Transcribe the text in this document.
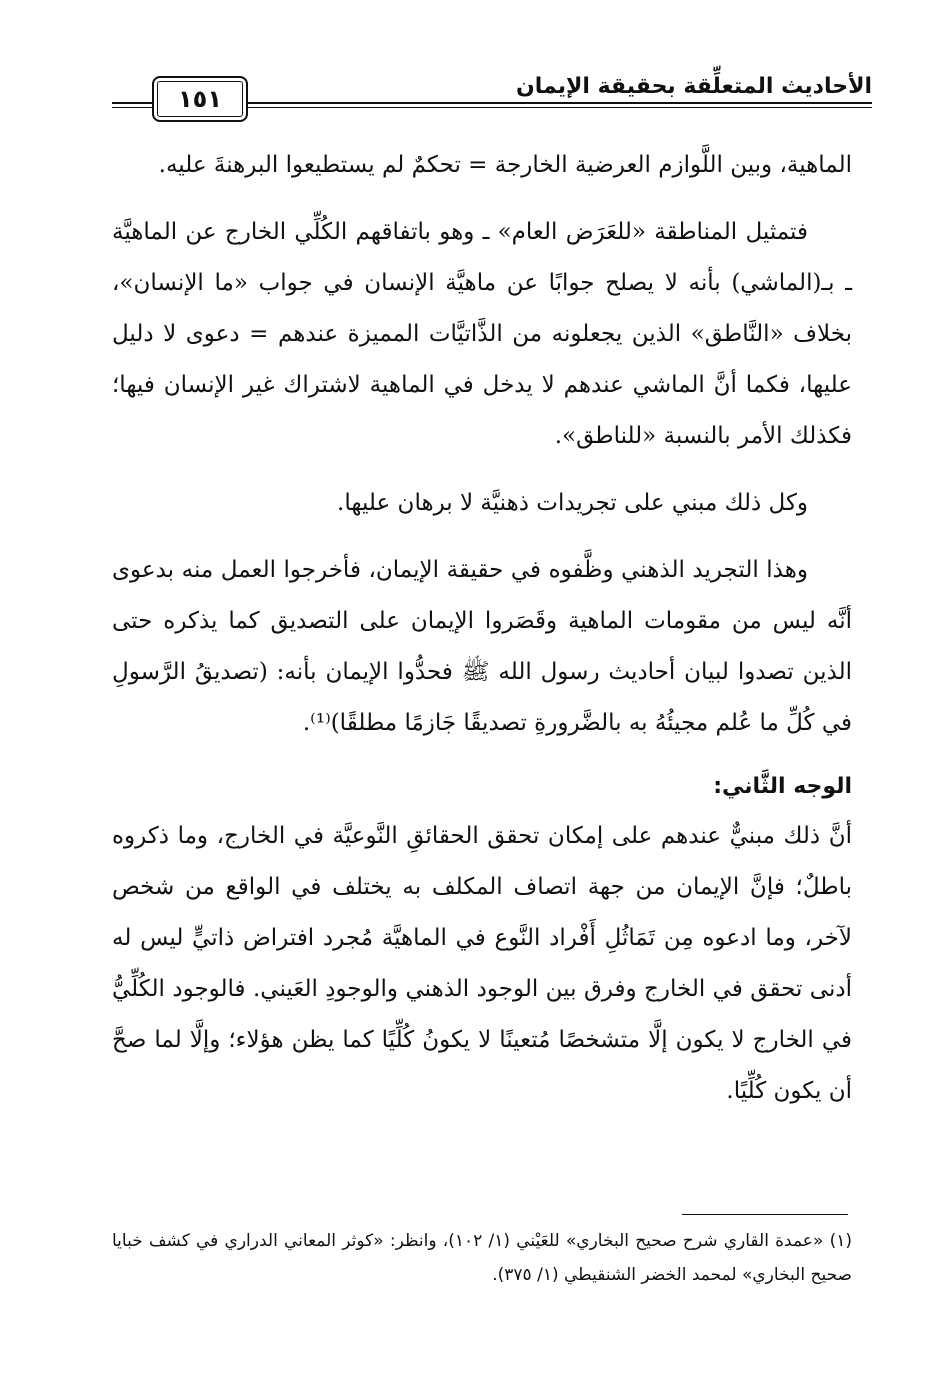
١٥١	الأحاديث المتعلِّقة بحقيقة الإيمان

الماهية، وبين اللَّوازم العرضية الخارجة = تحكمٌ لم يستطيعوا البرهنةَ عليه.

فتمثيل المناطقة «للعَرَض العام» ـ وهو باتفاقهم الكُلِّي الخارج عن الماهيَّة ـ بـ(الماشي) بأنه لا يصلح جوابًا عن ماهيَّة الإنسان في جواب «ما الإنسان»، بخلاف «النَّاطق» الذين يجعلونه من الذَّاتيَّات المميزة عندهم = دعوى لا دليل عليها، فكما أنَّ الماشي عندهم لا يدخل في الماهية لاشتراك غير الإنسان فيها؛ فكذلك الأمر بالنسبة «للناطق».

وكل ذلك مبني على تجريدات ذهنيَّة لا برهان عليها.

وهذا التجريد الذهني وظَّفوه في حقيقة الإيمان، فأخرجوا العمل منه بدعوى أنَّه ليس من مقومات الماهية وقَصَروا الإيمان على التصديق كما يذكره حتى الذين تصدوا لبيان أحاديث رسول الله ﷺ فحدُّوا الإيمان بأنه: (تصديقُ الرَّسولِ في كُلِّ ما عُلم مجيئُهُ به بالضَّرورةِ تصديقًا جَازمًا مطلقًا)⁽¹⁾.

الوجه الثَّاني:

أنَّ ذلك مبنيٌّ عندهم على إمكان تحقق الحقائقِ النَّوعيَّة في الخارج، وما ذكروه باطلٌ؛ فإنَّ الإيمان من جهة اتصاف المكلف به يختلف في الواقع من شخص لآخر، وما ادعوه مِن تَمَاثُلِ أَفْراد النَّوع في الماهيَّة مُجرد افتراض ذاتيٍّ ليس له أدنى تحقق في الخارج وفرق بين الوجود الذهني والوجودِ العَيني. فالوجود الكُلِّيُّ في الخارج لا يكون إلَّا متشخصًا مُتعينًا لا يكونُ كُلِّيًا كما يظن هؤلاء؛ وإلَّا لما صحَّ أن يكون كُلِّيًا.

(١) «عمدة القاري شرح صحيح البخاري» للعَيْني (١/ ١٠٢)، وانظر: «كوثر المعاني الدراري في كشف خبايا صحيح البخاري» لمحمد الخضر الشنقيطي (١/ ٣٧٥).
